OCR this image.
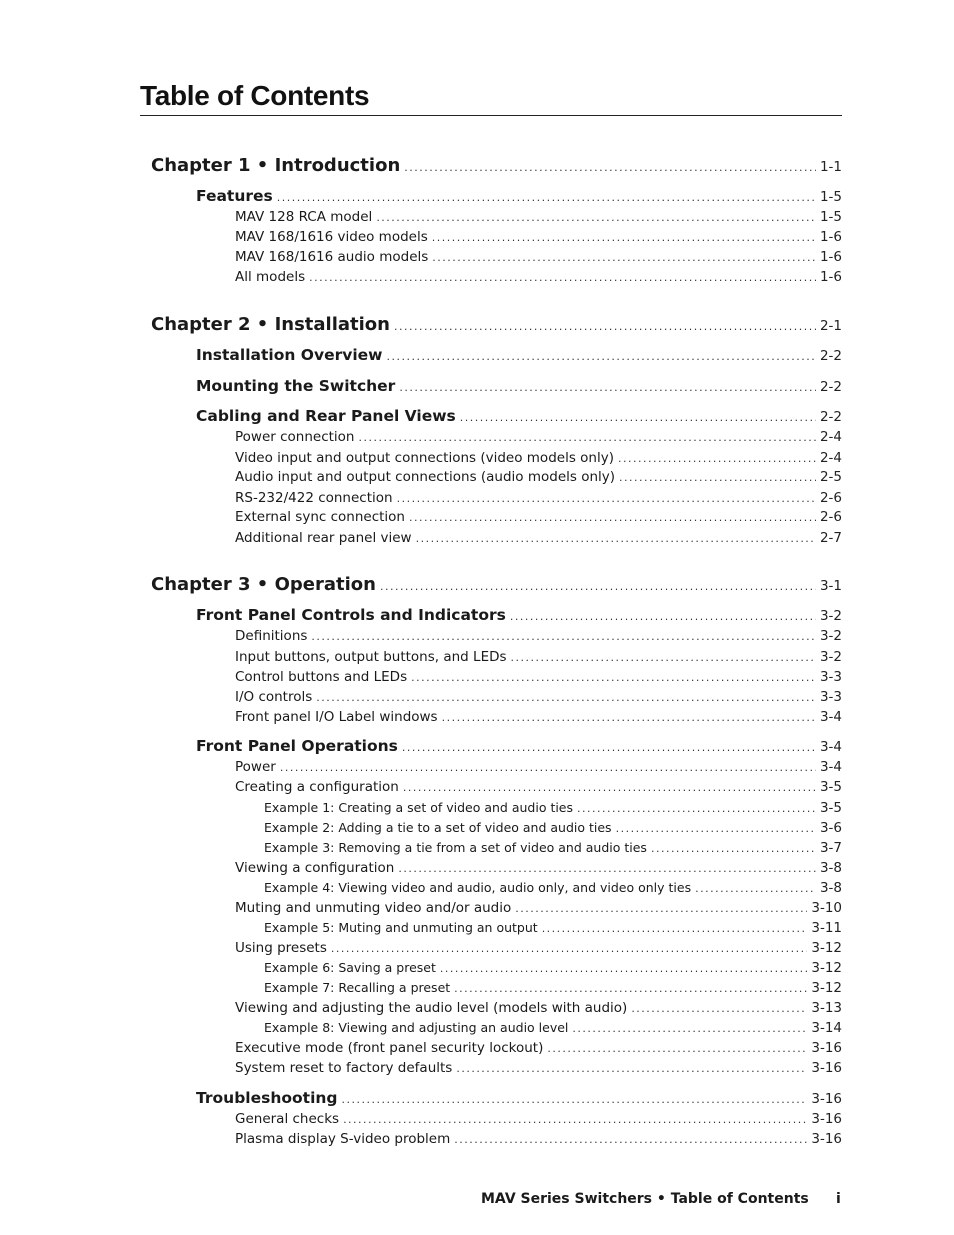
Table of Contents
Chapter 1 • Introduction .....	1-1
Features .....	1-5
MAV 128 RCA model .....	1-5
MAV 168/1616 video models .....	1-6
MAV 168/1616 audio models .....	1-6
All models .....	1-6
Chapter 2 • Installation .....	2-1
Installation Overview .....	2-2
Mounting the Switcher .....	2-2
Cabling and Rear Panel Views .....	2-2
Power connection .....	2-4
Video input and output connections (video models only) .....	2-4
Audio input and output connections (audio models only) .....	2-5
RS-232/422 connection .....	2-6
External sync connection .....	2-6
Additional rear panel view .....	2-7
Chapter 3 • Operation .....	3-1
Front Panel Controls and Indicators .....	3-2
Definitions .....	3-2
Input buttons, output buttons, and LEDs .....	3-2
Control buttons and LEDs .....	3-3
I/O controls .....	3-3
Front panel I/O Label windows .....	3-4
Front Panel Operations .....	3-4
Power .....	3-4
Creating a configuration .....	3-5
Example 1: Creating a set of video and audio ties .....	3-5
Example 2: Adding a tie to a set of video and audio ties .....	3-6
Example 3: Removing a tie from a set of video and audio ties .....	3-7
Viewing a configuration .....	3-8
Example 4: Viewing video and audio, audio only, and video only ties .....	3-8
Muting and unmuting video and/or audio .....	3-10
Example 5: Muting and unmuting an output .....	3-11
Using presets .....	3-12
Example 6: Saving a preset .....	3-12
Example 7: Recalling a preset .....	3-12
Viewing and adjusting the audio level (models with audio) .....	3-13
Example 8: Viewing and adjusting an audio level .....	3-14
Executive mode (front panel security lockout) .....	3-16
System reset to factory defaults .....	3-16
Troubleshooting .....	3-16
General checks .....	3-16
Plasma display S-video problem .....	3-16
MAV Series Switchers • Table of Contents i
